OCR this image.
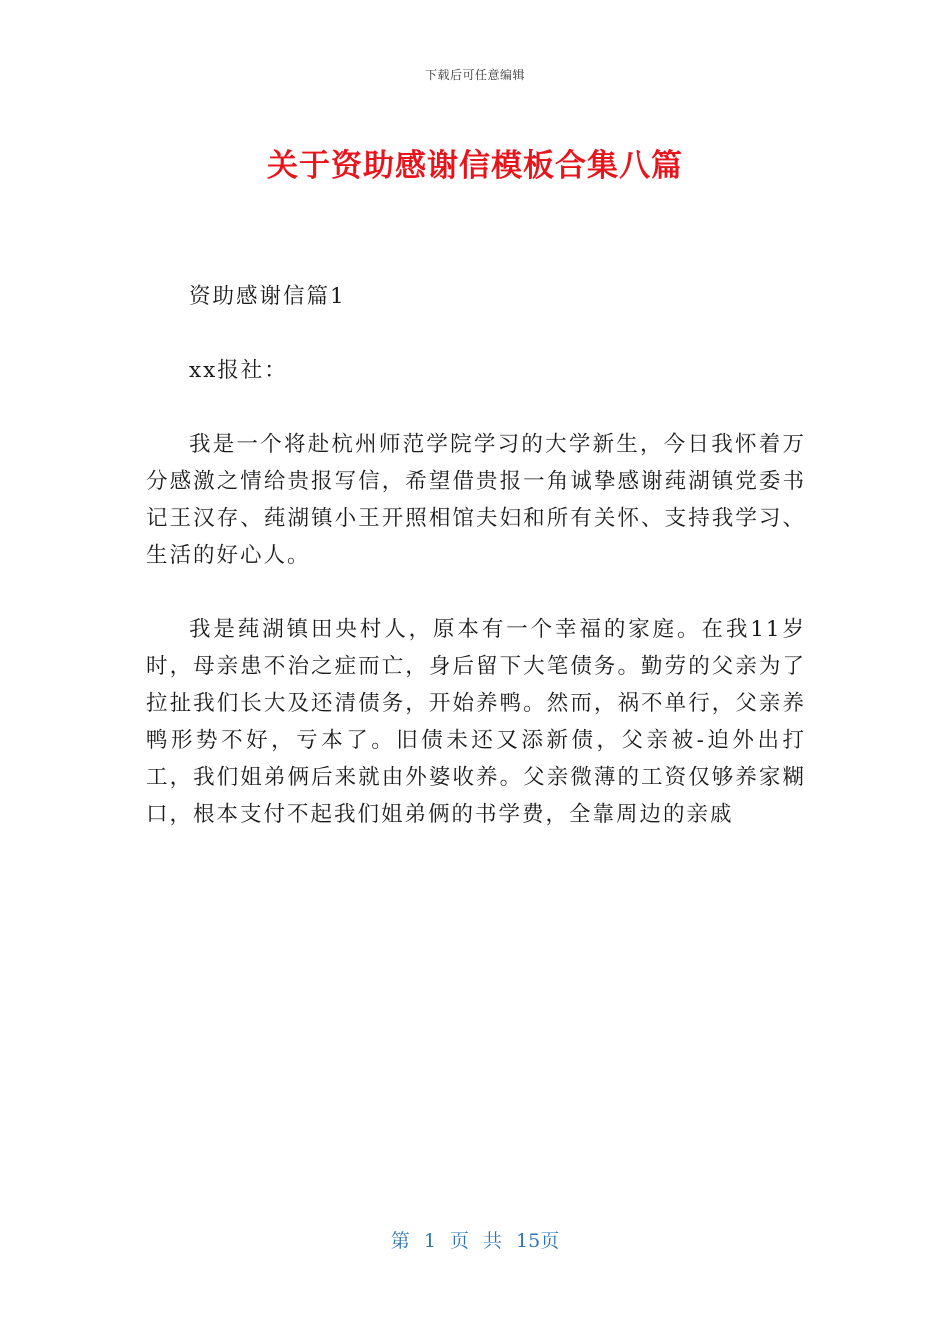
下载后可任意编辑
关于资助感谢信模板合集八篇

资助感谢信篇1

xx报社：

我是一个将赴杭州师范学院学习的大学新生，今日我怀着万分感激之情给贵报写信，希望借贵报一角诚挚感谢莼湖镇党委书记王汉存、莼湖镇小王开照相馆夫妇和所有关怀、支持我学习、生活的好心人。

我是莼湖镇田央村人，原本有一个幸福的家庭。在我11岁时，母亲患不治之症而亡，身后留下大笔债务。勤劳的父亲为了拉扯我们长大及还清债务，开始养鸭。然而，祸不单行，父亲养鸭形势不好，亏本了。旧债未还又添新债，父亲被-迫外出打工，我们姐弟俩后来就由外婆收养。父亲微薄的工资仅够养家糊口，根本支付不起我们姐弟俩的书学费，全靠周边的亲戚

第 1 页 共 15页
